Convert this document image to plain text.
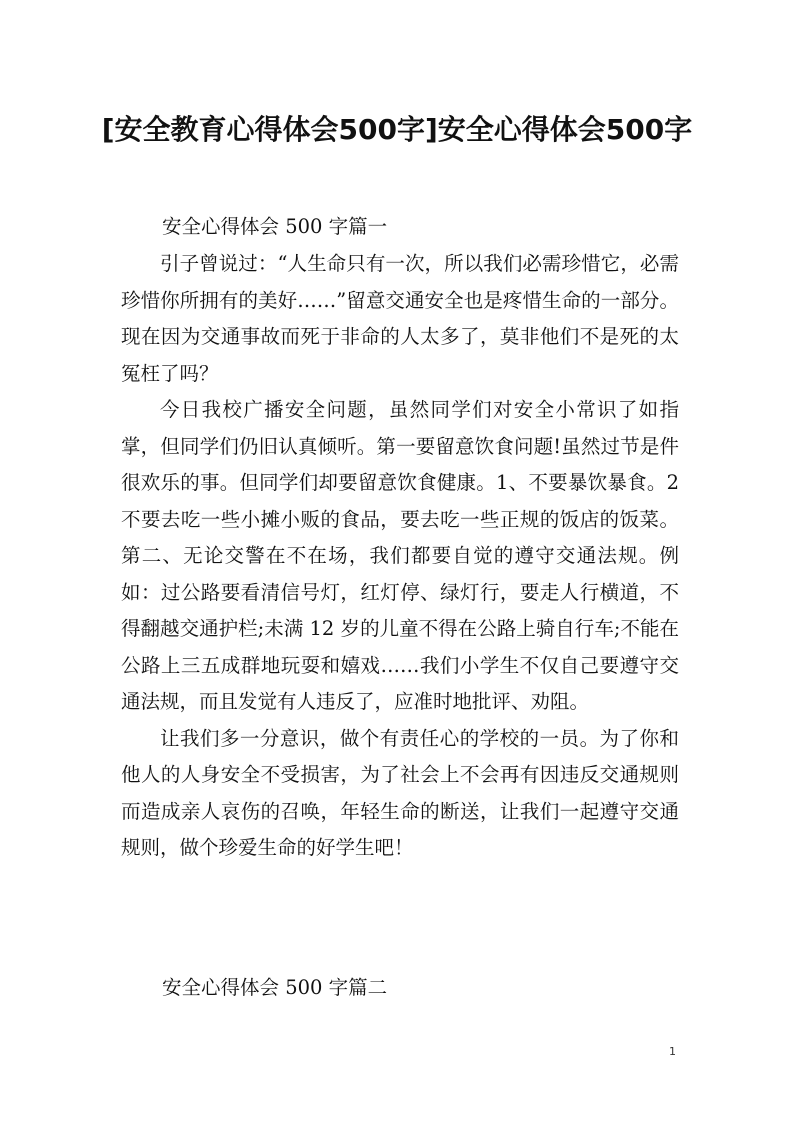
[安全教育心得体会500字]安全心得体会500字
安全心得体会 500 字篇一

引子曾说过：“人生命只有一次，所以我们必需珍惜它，必需珍惜你所拥有的美好……”留意交通安全也是疼惜生命的一部分。现在因为交通事故而死于非命的人太多了，莫非他们不是死的太冤枉了吗？

今日我校广播安全问题，虽然同学们对安全小常识了如指掌，但同学们仍旧认真倾听。第一要留意饮食问题!虽然过节是件很欢乐的事。但同学们却要留意饮食健康。1、不要暴饮暴食。2 不要去吃一些小摊小贩的食品，要去吃一些正规的饭店的饭菜。第二、无论交警在不在场，我们都要自觉的遵守交通法规。例如：过公路要看清信号灯，红灯停、绿灯行，要走人行横道，不得翻越交通护栏;未满 12 岁的儿童不得在公路上骑自行车;不能在公路上三五成群地玩耍和嬉戏……我们小学生不仅自己要遵守交通法规，而且发觉有人违反了，应准时地批评、劝阻。

让我们多一分意识，做个有责任心的学校的一员。为了你和他人的人身安全不受损害，为了社会上不会再有因违反交通规则而造成亲人哀伤的召唤，年轻生命的断送，让我们一起遵守交通规则，做个珍爱生命的好学生吧！

安全心得体会 500 字篇二
1
